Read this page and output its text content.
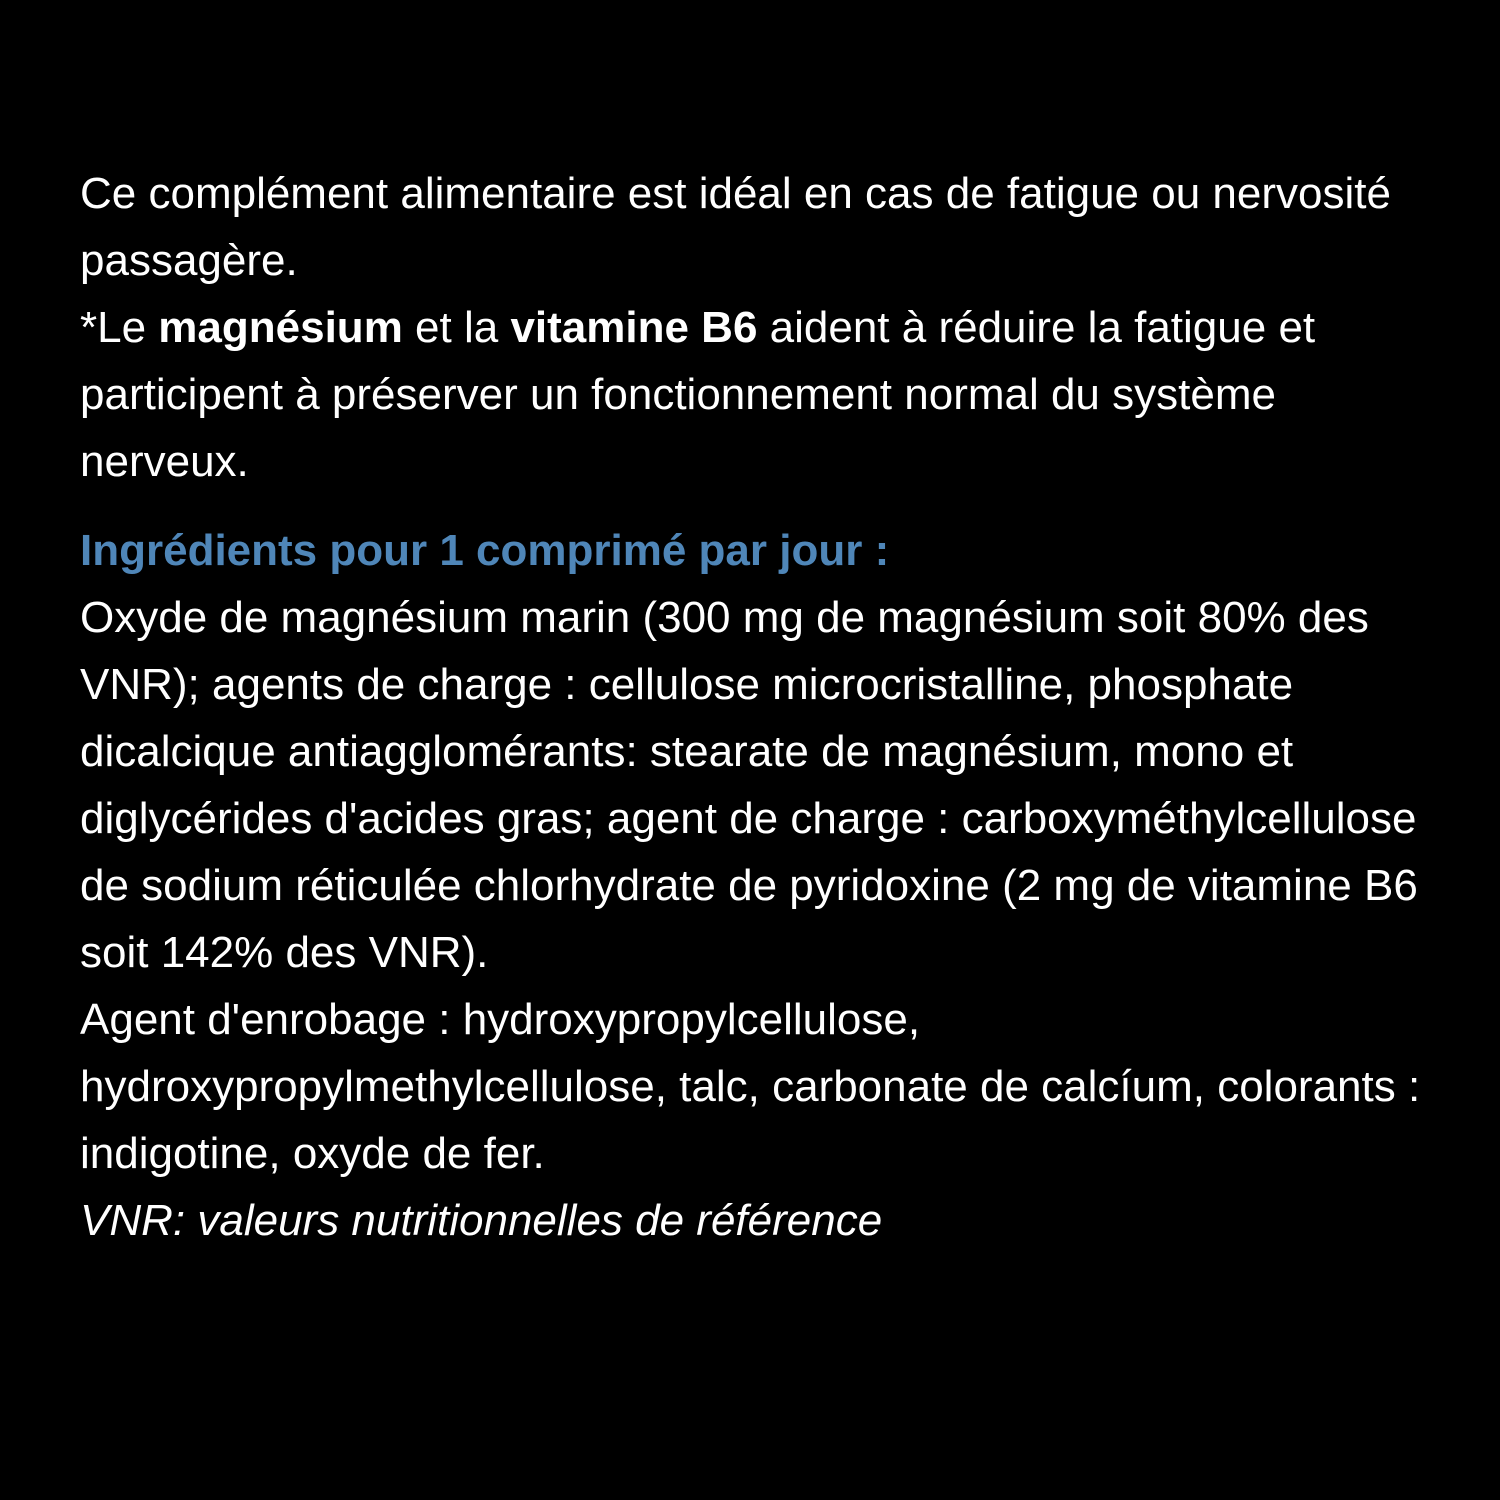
Ce complément alimentaire est idéal en cas de fatigue ou nervosité passagère.

*Le magnésium et la vitamine B6 aident à réduire la fatigue et participent à préserver un fonctionnement normal du système nerveux.

Ingrédients pour 1 comprimé par jour :

Oxyde de magnésium marin (300 mg de magnésium soit 80% des VNR); agents de charge : cellulose microcristalline, phosphate dicalcique antiagglomérants: stearate de magnésium, mono et diglycérides d'acides gras; agent de charge : carboxyméthylcellulose de sodium réticulée chlorhydrate de pyridoxine (2 mg de vitamine B6 soit 142% des VNR).

Agent d'enrobage : hydroxypropylcellulose, hydroxypropylmethylcellulose, talc, carbonate de calcíum, colorants : indigotine, oxyde de fer.

VNR: valeurs nutritionnelles de référence
